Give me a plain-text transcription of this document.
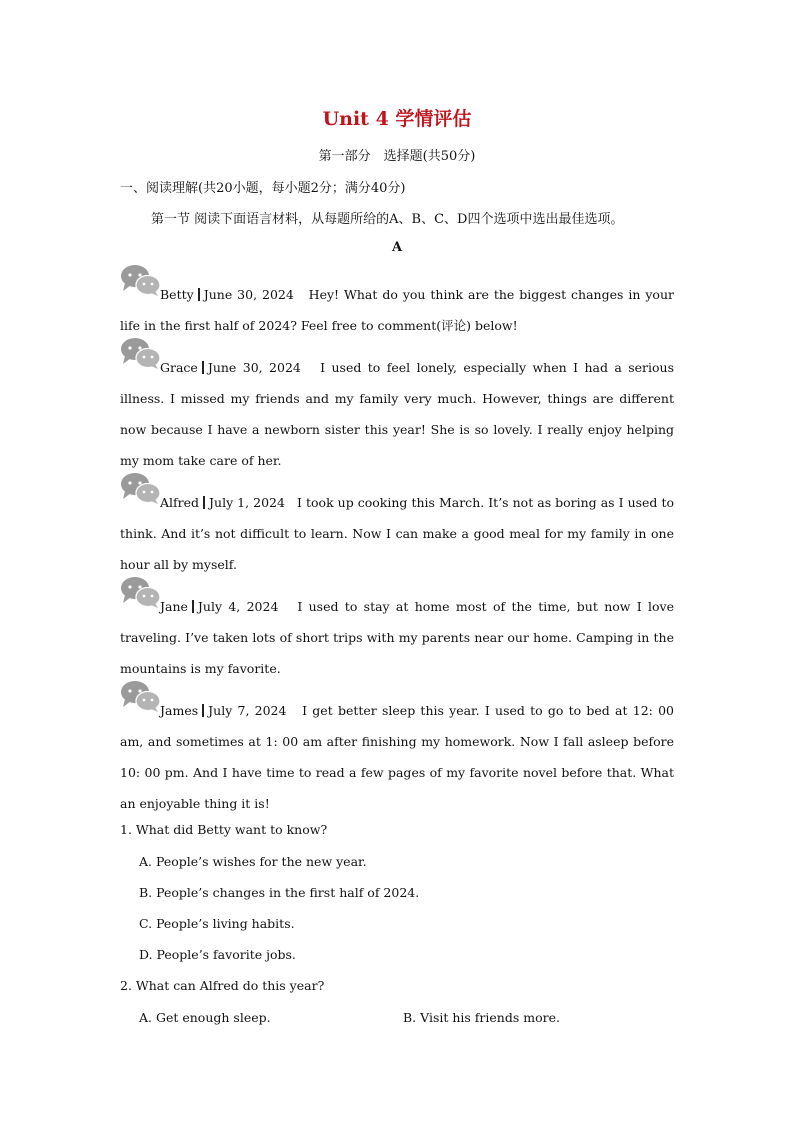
Unit 4 学情评估
第一部分　选择题(共50分)
一、阅读理解(共20小题，每小题2分；满分40分)
第一节 阅读下面语言材料，从每题所给的A、B、C、D四个选项中选出最佳选项。
A
Betty June 30, 2024 Hey! What do you think are the biggest changes in your life in the first half of 2024? Feel free to comment(评论) below!
Grace June 30, 2024 I used to feel lonely, especially when I had a serious illness. I missed my friends and my family very much. However, things are different now because I have a newborn sister this year! She is so lovely. I really enjoy helping my mom take care of her.
Alfred July 1, 2024 I took up cooking this March. It’s not as boring as I used to think. And it’s not difficult to learn. Now I can make a good meal for my family in one hour all by myself.
Jane July 4, 2024 I used to stay at home most of the time, but now I love traveling. I’ve taken lots of short trips with my parents near our home. Camping in the mountains is my favorite.
James July 7, 2024 I get better sleep this year. I used to go to bed at 12: 00 am, and sometimes at 1: 00 am after finishing my homework. Now I fall asleep before 10: 00 pm. And I have time to read a few pages of my favorite novel before that. What an enjoyable thing it is!
1. What did Betty want to know?
A. People’s wishes for the new year.
B. People’s changes in the first half of 2024.
C. People’s living habits.
D. People’s favorite jobs.
2. What can Alfred do this year?
A. Get enough sleep.	B. Visit his friends more.
